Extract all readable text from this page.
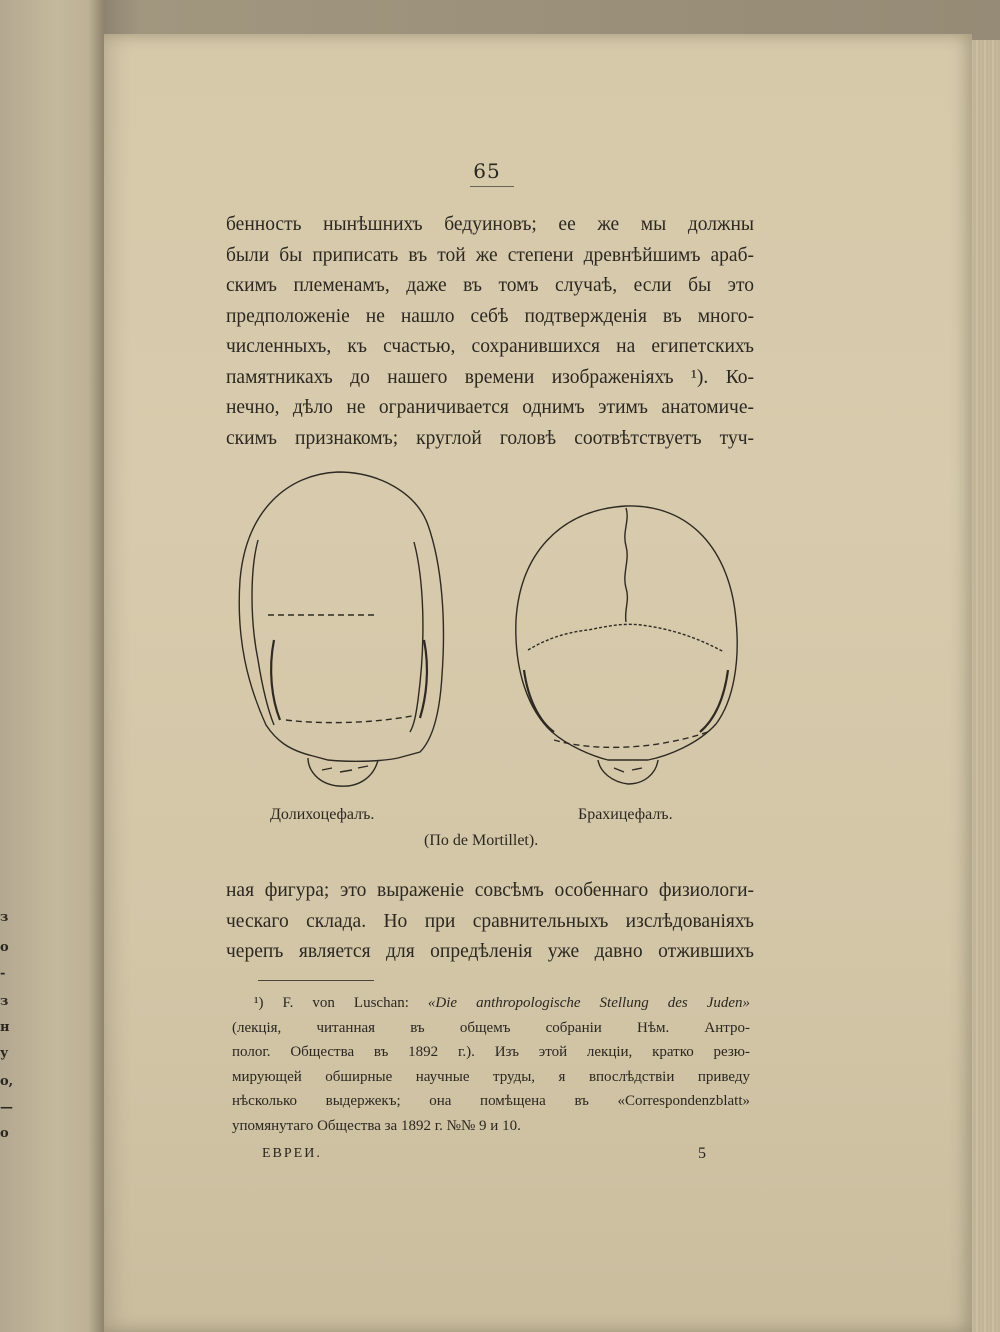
з
о
-
з
н
у
о,
—
о
65
бенность нынѣшнихъ бедуиновъ; ее же мы должны
были бы приписать въ той же степени древнѣйшимъ араб-
скимъ племенамъ, даже въ томъ случаѣ, если бы это
предположеніе не нашло себѣ подтвержденія въ много-
численныхъ, къ счастью, сохранившихся на египетскихъ
памятникахъ до нашего времени изображеніяхъ ¹). Ко-
нечно, дѣло не ограничивается однимъ этимъ анатомиче-
скимъ признакомъ; круглой головѣ соотвѣтствуетъ туч-
Долихоцефалъ.	Брахицефалъ.
(По de Mortillet).
ная фигура; это выраженіе совсѣмъ особеннаго физиологи-
ческаго склада. Но при сравнительныхъ изслѣдованіяхъ
черепъ является для опредѣленія уже давно отжившихъ
¹) F. von Luschan: «Die anthropologische Stellung des Juden»
(лекція, читанная въ общемъ собраніи Нѣм. Антро-
полог. Общества въ 1892 г.). Изъ этой лекціи, кратко резю-
мирующей обширные научные труды, я впослѣдствіи приведу
нѣсколько выдержекъ; она помѣщена въ «Correspondenzblatt»
упомянутаго Общества за 1892 г. №№ 9 и 10.
ЕВРЕИ.	5
